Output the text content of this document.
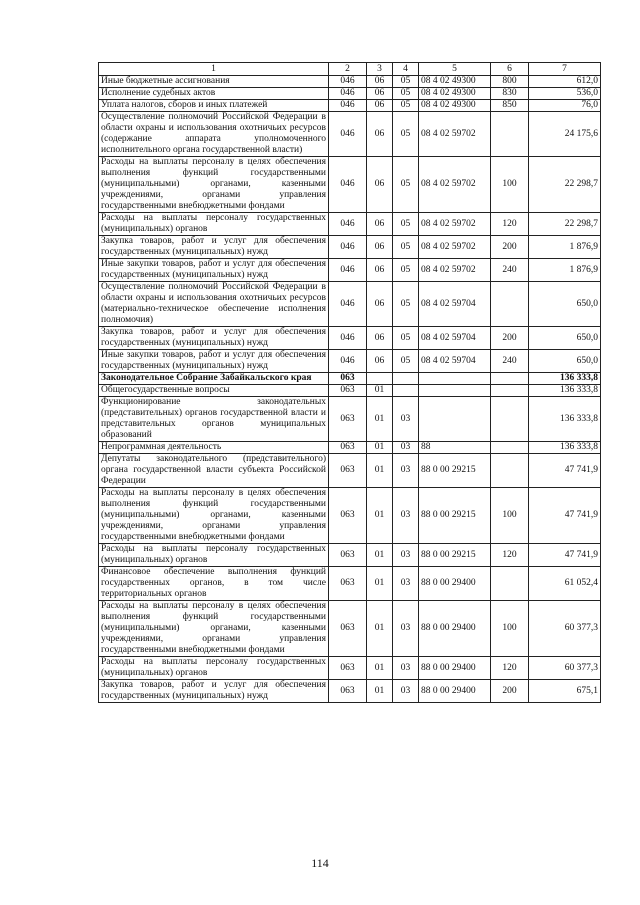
1	2	3	4	5	6	7
Иные бюджетные ассигнования	046	06	05	08 4 02 49300	800	612,0
Исполнение судебных актов	046	06	05	08 4 02 49300	830	536,0
Уплата налогов, сборов и иных платежей	046	06	05	08 4 02 49300	850	76,0
Осуществление полномочий Российской Федерации в области охраны и использования охотничьих ресурсов (содержание аппарата уполномоченного исполнительного органа государственной власти)	046	06	05	08 4 02 59702		24 175,6
Расходы на выплаты персоналу в целях обеспечения выполнения функций государственными (муниципальными) органами, казенными учреждениями, органами управления государственными внебюджетными фондами	046	06	05	08 4 02 59702	100	22 298,7
Расходы на выплаты персоналу государственных (муниципальных) органов	046	06	05	08 4 02 59702	120	22 298,7
Закупка товаров, работ и услуг для обеспечения государственных (муниципальных) нужд	046	06	05	08 4 02 59702	200	1 876,9
Иные закупки товаров, работ и услуг для обеспечения государственных (муниципальных) нужд	046	06	05	08 4 02 59702	240	1 876,9
Осуществление полномочий Российской Федерации в области охраны и использования охотничьих ресурсов (материально-техническое обеспечение исполнения полномочия)	046	06	05	08 4 02 59704		650,0
Закупка товаров, работ и услуг для обеспечения государственных (муниципальных) нужд	046	06	05	08 4 02 59704	200	650,0
Иные закупки товаров, работ и услуг для обеспечения государственных (муниципальных) нужд	046	06	05	08 4 02 59704	240	650,0
Законодательное Собрание Забайкальского края	063					136 333,8
Общегосударственные вопросы	063	01				136 333,8
Функционирование законодательных (представительных) органов государственной власти и представительных органов муниципальных образований	063	01	03			136 333,8
Непрограммная деятельность	063	01	03	88		136 333,8
Депутаты законодательного (представительного) органа государственной власти субъекта Российской Федерации	063	01	03	88 0 00 29215		47 741,9
Расходы на выплаты персоналу в целях обеспечения выполнения функций государственными (муниципальными) органами, казенными учреждениями, органами управления государственными внебюджетными фондами	063	01	03	88 0 00 29215	100	47 741,9
Расходы на выплаты персоналу государственных (муниципальных) органов	063	01	03	88 0 00 29215	120	47 741,9
Финансовое обеспечение выполнения функций государственных органов, в том числе территориальных органов	063	01	03	88 0 00 29400		61 052,4
Расходы на выплаты персоналу в целях обеспечения выполнения функций государственными (муниципальными) органами, казенными учреждениями, органами управления государственными внебюджетными фондами	063	01	03	88 0 00 29400	100	60 377,3
Расходы на выплаты персоналу государственных (муниципальных) органов	063	01	03	88 0 00 29400	120	60 377,3
Закупка товаров, работ и услуг для обеспечения государственных (муниципальных) нужд	063	01	03	88 0 00 29400	200	675,1
114
